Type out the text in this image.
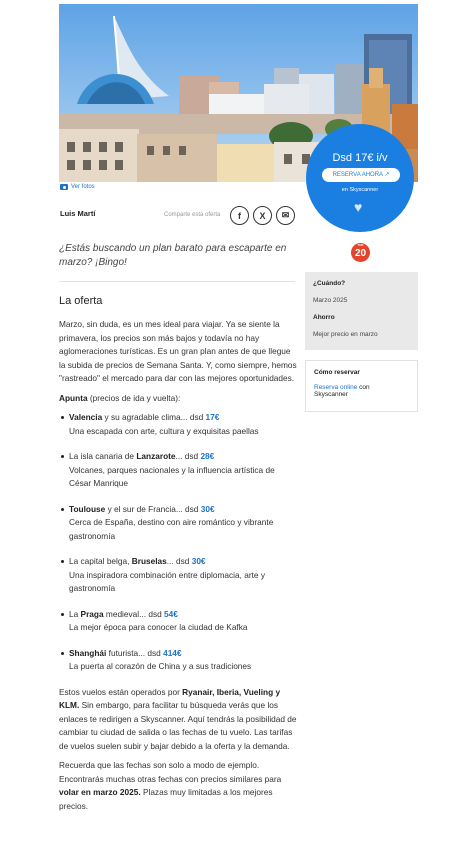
Ver fotos
Luis Martí	Comparte esta oferta f X ✉
Dsd 17€ i/v
RESERVA AHORA ↗
en Skyscanner
♥
¿Estás buscando un plan barato para escaparte en marzo? ¡Bingo!
TOP
20
¿Cuándo?
Marzo 2025
Ahorro
Mejor precio en marzo
Cómo reservar
Reserva online con
Skyscanner
La oferta

Marzo, sin duda, es un mes ideal para viajar. Ya se siente la primavera, los precios son más bajos y todavía no hay aglomeraciones turísticas. Es un gran plan antes de que llegue la subida de precios de Semana Santa. Y, como siempre, hemos "rastreado" el mercado para dar con las mejores oportunidades.

Apunta (precios de ida y vuelta):

Valencia y su agradable clima... dsd 17€
Una escapada con arte, cultura y exquisitas paellas
La isla canaria de Lanzarote... dsd 28€
Volcanes, parques nacionales y la influencia artística de César Manrique
Toulouse y el sur de Francia... dsd 30€
Cerca de España, destino con aire romántico y vibrante gastronomía
La capital belga, Bruselas... dsd 30€
Una inspiradora combinación entre diplomacia, arte y gastronomía
La Praga medieval... dsd 54€
La mejor época para conocer la ciudad de Kafka
Shanghái futurista... dsd 414€
La puerta al corazón de China y a sus tradiciones

Estos vuelos están operados por Ryanair, Iberia, Vueling y KLM. Sin embargo, para facilitar tu búsqueda verás que los enlaces te redirigen a Skyscanner. Aquí tendrás la posibilidad de cambiar tu ciudad de salida o las fechas de tu vuelo. Las tarifas de vuelos suelen subir y bajar debido a la oferta y la demanda.

Recuerda que las fechas son solo a modo de ejemplo. Encontrarás muchas otras fechas con precios similares para volar en marzo 2025. Plazas muy limitadas a los mejores precios.
